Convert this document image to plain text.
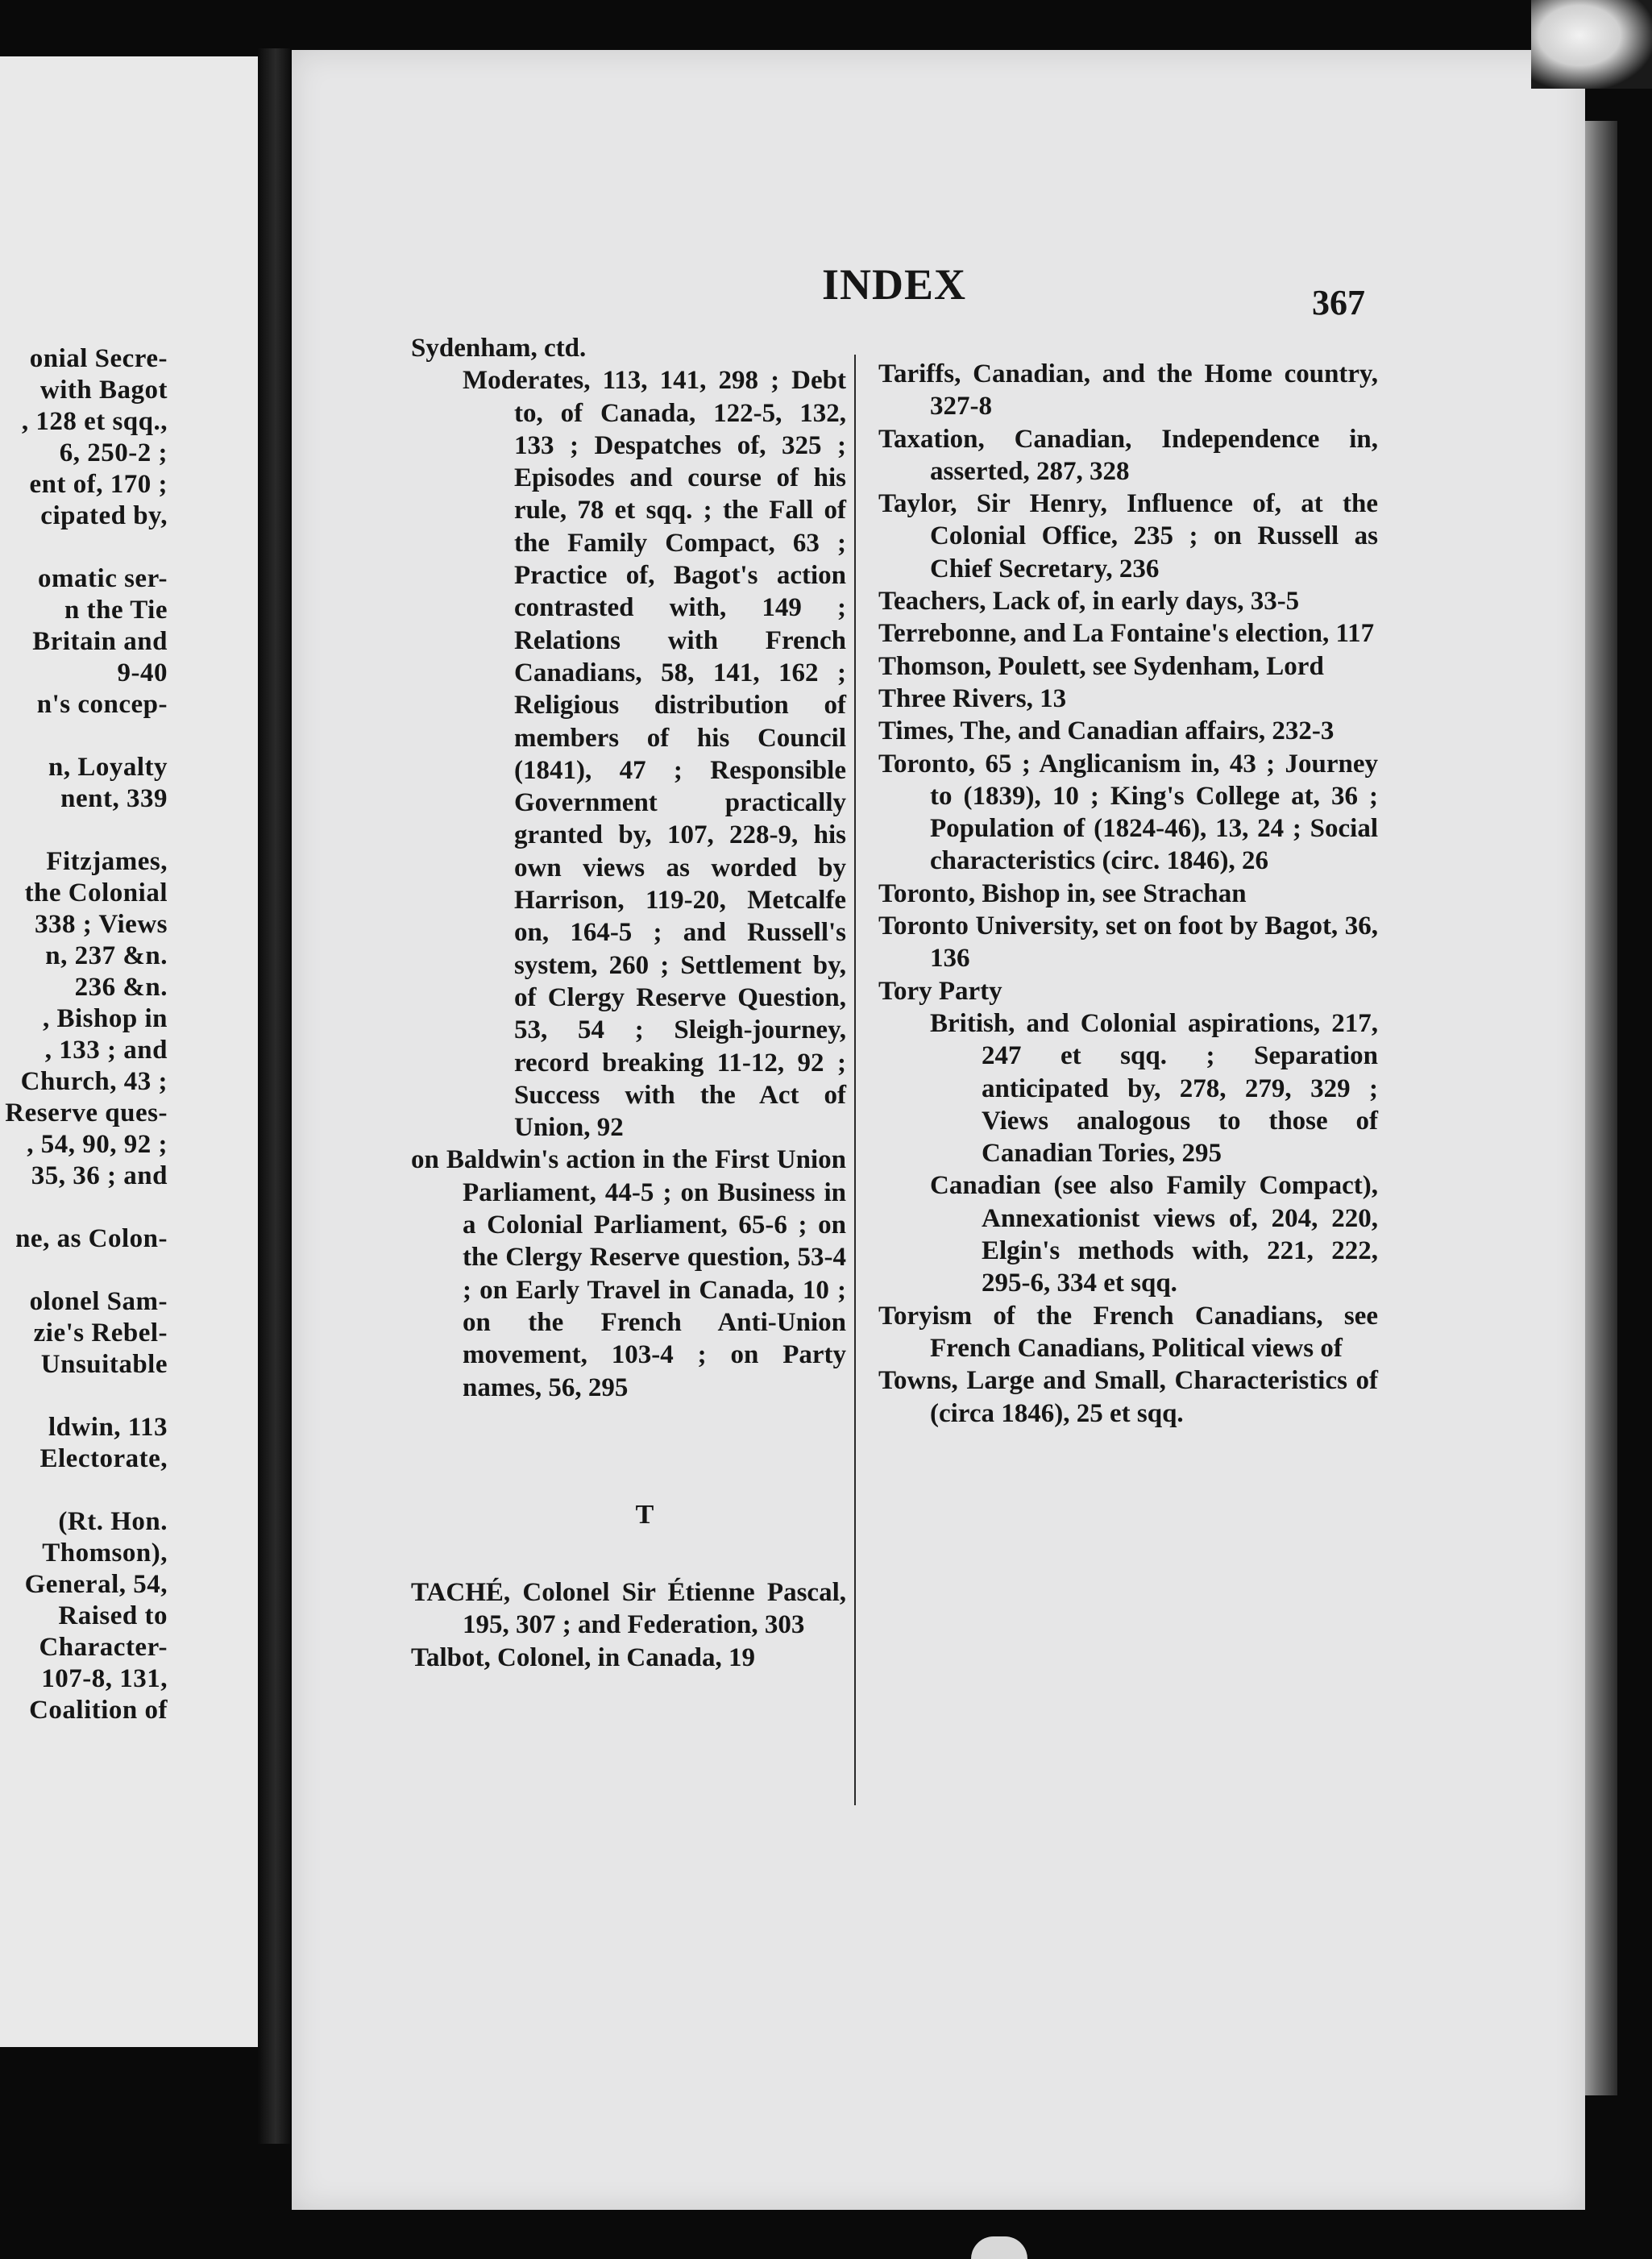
onial Secre-
with Bagot
, 128 et sqq.,
6, 250-2 ;
ent of, 170 ;
cipated by,
omatic ser-
n the Tie
Britain and
9-40
n's concep-
n, Loyalty
nent, 339
Fitzjames,
the Colonial
338 ; Views
n, 237 &n.
236 &n.
, Bishop in
, 133 ; and
Church, 43 ;
Reserve ques-
, 54, 90, 92 ;
35, 36 ; and
ne, as Colon-
olonel Sam-
zie's Rebel-
Unsuitable
ldwin, 113
Electorate,
(Rt. Hon.
Thomson),
General, 54,
Raised to
Character-
107-8, 131,
Coalition of
INDEX	367
Sydenham, ctd.
Moderates, 113, 141, 298 ; Debt to, of Canada, 122-5, 132, 133 ; Despatches of, 325 ; Episodes and course of his rule, 78 et sqq. ; the Fall of the Family Compact, 63 ; Practice of, Bagot's action contrasted with, 149 ; Relations with French Canadians, 58, 141, 162 ; Religious distribution of members of his Council (1841), 47 ; Responsible Government practically granted by, 107, 228-9, his own views as worded by Harrison, 119-20, Metcalfe on, 164-5 ; and Russell's system, 260 ; Settlement by, of Clergy Reserve Question, 53, 54 ; Sleigh-journey, record breaking 11-12, 92 ; Success with the Act of Union, 92
on Baldwin's action in the First Union Parliament, 44-5 ; on Business in a Colonial Parliament, 65-6 ; on the Clergy Reserve question, 53-4 ; on Early Travel in Canada, 10 ; on the French Anti-Union movement, 103-4 ; on Party names, 56, 295
T
TACHÉ, Colonel Sir Étienne Pascal, 195, 307 ; and Federation, 303
Talbot, Colonel, in Canada, 19
Tariffs, Canadian, and the Home country, 327-8
Taxation, Canadian, Independence in, asserted, 287, 328
Taylor, Sir Henry, Influence of, at the Colonial Office, 235 ; on Russell as Chief Secretary, 236
Teachers, Lack of, in early days, 33-5
Terrebonne, and La Fontaine's election, 117
Thomson, Poulett, see Sydenham, Lord
Three Rivers, 13
Times, The, and Canadian affairs, 232-3
Toronto, 65 ; Anglicanism in, 43 ; Journey to (1839), 10 ; King's College at, 36 ; Population of (1824-46), 13, 24 ; Social characteristics (circ. 1846), 26
Toronto, Bishop in, see Strachan
Toronto University, set on foot by Bagot, 36, 136
Tory Party
British, and Colonial aspirations, 217, 247 et sqq. ; Separation anticipated by, 278, 279, 329 ; Views analogous to those of Canadian Tories, 295
Canadian (see also Family Compact), Annexationist views of, 204, 220, Elgin's methods with, 221, 222, 295-6, 334 et sqq.
Toryism of the French Canadians, see French Canadians, Political views of
Towns, Large and Small, Characteristics of (circa 1846), 25 et sqq.
